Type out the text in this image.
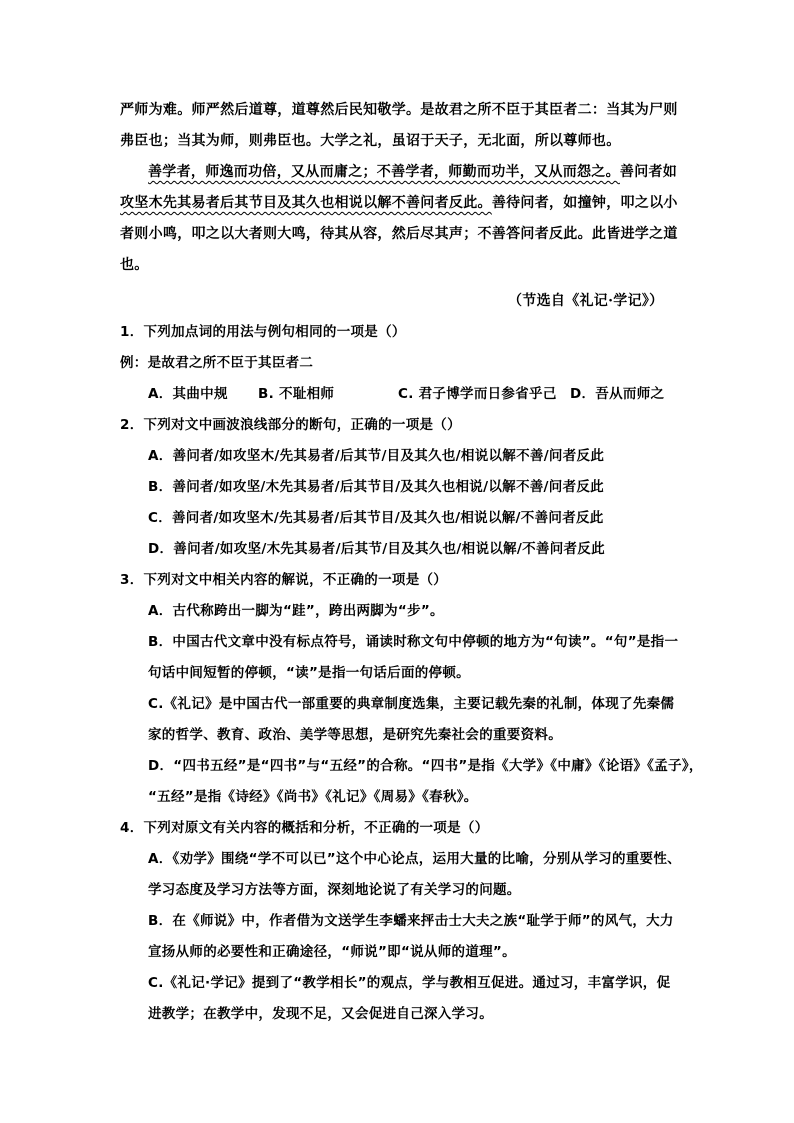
严师为难。师严然后道尊，道尊然后民知敬学。是故君之所不臣于其臣者二：当其为尸则
弗臣也；当其为师，则弗臣也。大学之礼，虽诏于天子，无北面，所以尊师也。
善学者，师逸而功倍，又从而庸之；不善学者，师勤而功半，又从而怨之。善问者如
攻坚木先其易者后其节目及其久也相说以解不善问者反此。善待问者，如撞钟，叩之以小
者则小鸣，叩之以大者则大鸣，待其从容，然后尽其声；不善答问者反此。此皆进学之道
也。
（节选自《礼记·学记》）
1．下列加点词的用法与例句相同的一项是（）
例：是故君之所不臣于其臣者二
A．其曲中规 B. 不耻相师	C. 君子博学而日参省乎己 D．吾从而师之
2．下列对文中画波浪线部分的断句，正确的一项是（）
A．善问者/如攻坚木/先其易者/后其节/目及其久也/相说以解不善/问者反此
B．善问者/如攻坚/木先其易者/后其节目/及其久也相说/以解不善/问者反此
C．善问者/如攻坚木/先其易者/后其节目/及其久也/相说以解/不善问者反此
D．善问者/如攻坚/木先其易者/后其节/目及其久也/相说以解/不善问者反此
3．下列对文中相关内容的解说，不正确的一项是（）
A．古代称跨出一脚为“跬”，跨出两脚为“步”。
B．中国古代文章中没有标点符号，诵读时称文句中停顿的地方为“句读”。“句”是指一
句话中间短暂的停顿，“读”是指一句话后面的停顿。
C.《礼记》是中国古代一部重要的典章制度选集，主要记载先秦的礼制，体现了先秦儒
家的哲学、教育、政治、美学等思想，是研究先秦社会的重要资料。
D．“四书五经”是“四书”与“五经”的合称。“四书”是指《大学》《中庸》《论语》《孟子》，
“五经”是指《诗经》《尚书》《礼记》《周易》《春秋》。
4．下列对原文有关内容的概括和分析，不正确的一项是（）
A．《劝学》围绕“学不可以已”这个中心论点，运用大量的比喻，分别从学习的重要性、
学习态度及学习方法等方面，深刻地论说了有关学习的问题。
B．在《师说》中，作者借为文送学生李蟠来抨击士大夫之族“耻学于师”的风气，大力
宣扬从师的必要性和正确途径，“师说”即“说从师的道理”。
C.《礼记·学记》提到了“教学相长”的观点，学与教相互促进。通过习，丰富学识，促
进教学；在教学中，发现不足，又会促进自己深入学习。
